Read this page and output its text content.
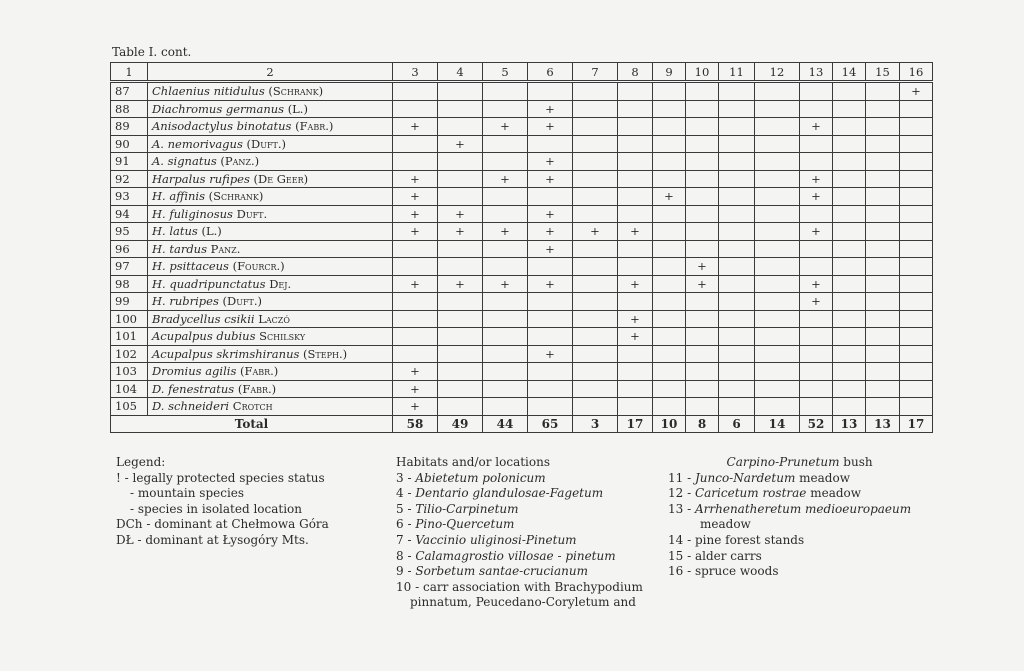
Table I. cont.
1	2	3	4	5	6	7	8	9	10	11	12	13	14	15	16
87	Chlaenius nitidulus (Schrank)														+
88	Diachromus germanus (L.)				+										
89	Anisodactylus binotatus (Fabr.)	+		+	+							+			
90	A. nemorivagus (Duft.)		+												
91	A. signatus (Panz.)				+										
92	Harpalus rufipes (De Geer)	+		+	+							+			
93	H. affinis (Schrank)	+						+				+			
94	H. fuliginosus Duft.	+	+		+										
95	H. latus (L.)	+	+	+	+	+	+					+			
96	H. tardus Panz.				+										
97	H. psittaceus (Fourcr.)								+						
98	H. quadripunctatus Dej.	+	+	+	+		+		+			+			
99	H. rubripes (Duft.)											+			
100	Bradycellus csikii Laczó						+								
101	Acupalpus dubius Schilsky						+								
102	Acupalpus skrimshiranus (Steph.)				+										
103	Dromius agilis (Fabr.)	+													
104	D. fenestratus (Fabr.)	+													
105	D. schneideri Crotch	+													
Total		58	49	44	65	3	17	10	8	6	14	52	13	13	17
Legend:
! - legally protected species status
- mountain species
- species in isolated location
DCh - dominant at Chełmowa Góra
DŁ - dominant at Łysogóry Mts.
Habitats and/or locations
3 - Abietetum polonicum
4 - Dentario glandulosae-Fagetum
5 - Tilio-Carpinetum
6 - Pino-Quercetum
7 - Vaccinio uliginosi-Pinetum
8 - Calamagrostio villosae - pinetum
9 - Sorbetum santae-crucianum
10 - carr association with Brachypodium
pinnatum, Peucedano-Coryletum and
Carpino-Prunetum bush
11 - Junco-Nardetum meadow
12 - Caricetum rostrae meadow
13 - Arrhenatheretum medioeuropaeum
meadow
14 - pine forest stands
15 - alder carrs
16 - spruce woods
